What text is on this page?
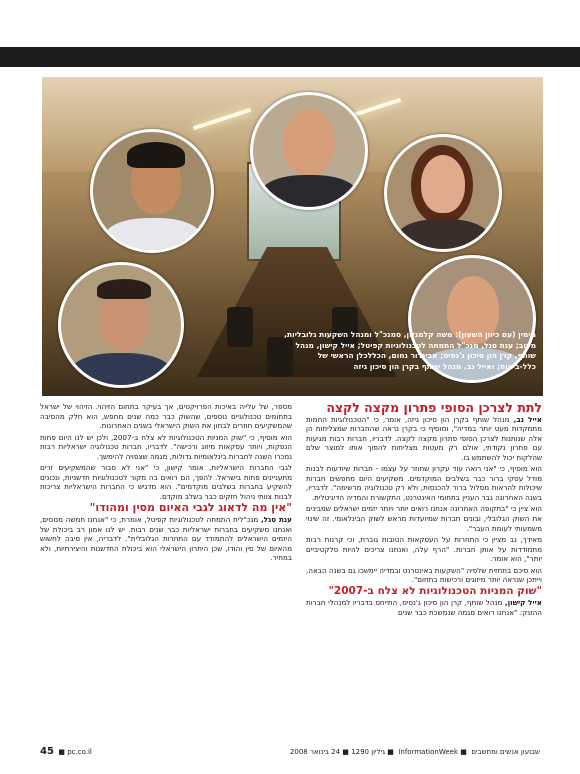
מימין (עם כיוון השעון): משה קלמנזון, סמנכ"ל ומנהל השקעות גלובליות, מיטב; ענת סגל, מנכ"ל התמחה לטכנולוגיות קפיטל; אייל קישון, מנהל שותף, קרן הון סיכון ג'נסיס; אביגדור נחום, הכללכלן הראשי של כלל-ביטוח; ואייל נב, מנהל שותף בקרן הון סיכון גיזה
לתת לצרכן הסופי פתרון מקצה לקצה

אייל נב, מנהל שותף בקרן הון סיכון גיזה, אומר, כי "הטכנולוגיות החמות מתמקדות מעט יותר במדיה", ומוסיף כי בקרן נראה שהחברות שמצליחות הן אלה שנותנות לצרכן הסופי פתרון מקצה לקצה. לדבריו, חברות רבות מגיעות עם פתרון נקודתי, אולם רק מעטות מצליחות להפוך אותו למוצר שלם שהלקוח יכול להשתמש בו.

הוא מוסיף, כי "אני רואה עוד עקרון שחוזר על עצמו - חברות שיודעות לבנות מודל עסקי ברור כבר בשלבים המוקדמים. משקיעים היום מחפשים חברות שיכולות להראות מסלול ברור להכנסות, ולא רק טכנולוגיה מרשימה". לדבריו, בשנה האחרונה גבר העניין בתחומי האינטרנט, התקשורת והמדיה הדיגיטלית.

הוא ציין כי "בתקופה האחרונה אנחנו רואים יותר ויותר יזמים ישראלים שמבינים את השוק הגלובלי, ובונים חברות שמיועדות מראש לשוק הבינלאומי. זה שינוי משמעותי לעומת העבר".

מאידך, נב מציין כי התחרות על העסקאות הטובות גוברת, וכי קרנות רבות מתמודדות על אותן חברות. "הרף עלה, ואנחנו צריכים להיות סלקטיביים יותר", הוא אומר.

הוא סיכם בתחזית שלפיה "השקעות באינטרנט ובמדיה יימשכו גם בשנה הבאה, וייתכן שנראה יותר מיזוגים ורכישות בתחום".

"שוק המניות הטכנולוגיות לא צלח ב-2007"

אייל קישון, מנהל שותף, קרן הון סיכון ג'נסיס, התייחס בדבריו למנהלי חברות ההזנק: "אנחנו רואים מגמה שנמשכת כבר שנים

מספר, של עלייה באיכות הפרויקטים, אך בעיקר בתחום הזיהוי. הזיהוי של ישראל בתחומים טכנולוגיים נוספים, שהשוק כבר כמה שנים מחפש, הוא חלק מהסיבה שהמשקיעים חוזרים לבחון את השוק הישראלי בשנים האחרונות.

הוא מוסיף, כי "שוק המניות הטכנולוגיות לא צלח ב-2007, ולכן יש לנו היום פחות הנפקות, ויותר עסקאות מיזוג ורכישה". לדבריו, חברות טכנולוגיה ישראליות רבות נמכרו השנה לחברות בינלאומיות גדולות, מגמה שצפויה להימשך.

לגבי החברות הישראליות, אומר קישון, כי "אני לא סבור שהמשקיעים זרים מתעניינים פחות בישראל. להפך, הם רואים בה מקור לטכנולוגיות חדשניות, ונכונים להשקיע בחברות בשלבים מוקדמים". הוא מדגיש כי החברות הישראליות צריכות לבנות צוותי ניהול חזקים כבר בשלב מוקדם.

"אין מה לדאוג לגבי האיום מסין ומהודו"

ענת סגל, מנכ"לית התמחה לטכנולוגיות קפיטל, אומרת, כי "אנחנו חמשה מנוסים, ואנחנו משקיעים בחברות ישראליות כבר שנים רבות. יש לנו אמון רב ביכולת של היזמים הישראלים להתמודד עם התחרות הגלובלית". לדבריה, אין סיבה לחשוש מהאיום של סין והודו, שכן היתרון הישראלי הוא ביכולת החדשנות והיצירתיות, ולא במחיר.

45  ■ pc.co.il	שבועון אנשים ומחשבים  ■ InformationWeek  ■ גיליון 1290 ■ 24 בינואר 2008
